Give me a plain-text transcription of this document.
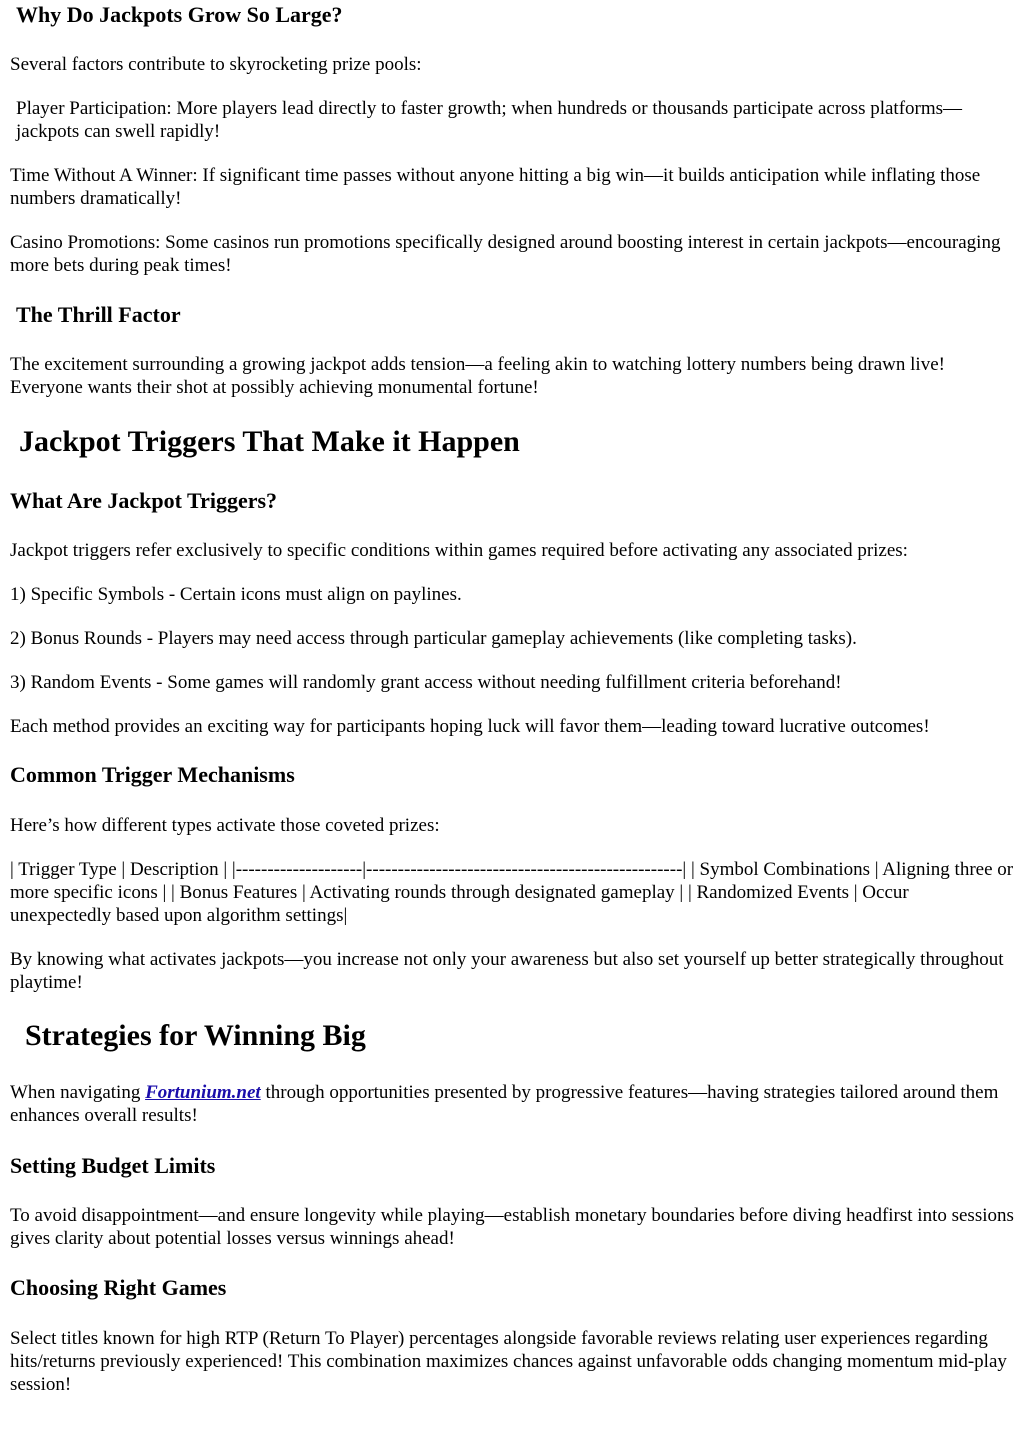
Why Do Jackpots Grow So Large?

Several factors contribute to skyrocketing prize pools:

Player Participation: More players lead directly to faster growth; when hundreds or thousands participate across platforms—jackpots can swell rapidly!

Time Without A Winner: If significant time passes without anyone hitting a big win—it builds anticipation while inflating those numbers dramatically!

Casino Promotions: Some casinos run promotions specifically designed around boosting interest in certain jackpots—encouraging more bets during peak times!

The Thrill Factor

The excitement surrounding a growing jackpot adds tension—a feeling akin to watching lottery numbers being drawn live! Everyone wants their shot at possibly achieving monumental fortune!

Jackpot Triggers That Make it Happen
What Are Jackpot Triggers?

Jackpot triggers refer exclusively to specific conditions within games required before activating any associated prizes:

1) Specific Symbols - Certain icons must align on paylines.

2) Bonus Rounds - Players may need access through particular gameplay achievements (like completing tasks).

3) Random Events - Some games will randomly grant access without needing fulfillment criteria beforehand!

Each method provides an exciting way for participants hoping luck will favor them—leading toward lucrative outcomes!

Common Trigger Mechanisms

Here’s how different types activate those coveted prizes:

| Trigger Type | Description | |--------------------|--------------------------------------------------| | Symbol Combinations | Aligning three or more specific icons | | Bonus Features | Activating rounds through designated gameplay | | Randomized Events | Occur unexpectedly based upon algorithm settings|

By knowing what activates jackpots—you increase not only your awareness but also set yourself up better strategically throughout playtime!

Strategies for Winning Big

When navigating Fortunium.net through opportunities presented by progressive features—having strategies tailored around them enhances overall results!

Setting Budget Limits

To avoid disappointment—and ensure longevity while playing—establish monetary boundaries before diving headfirst into sessions gives clarity about potential losses versus winnings ahead!

Choosing Right Games

Select titles known for high RTP (Return To Player) percentages alongside favorable reviews relating user experiences regarding hits/returns previously experienced! This combination maximizes chances against unfavorable odds changing momentum mid-play session!
